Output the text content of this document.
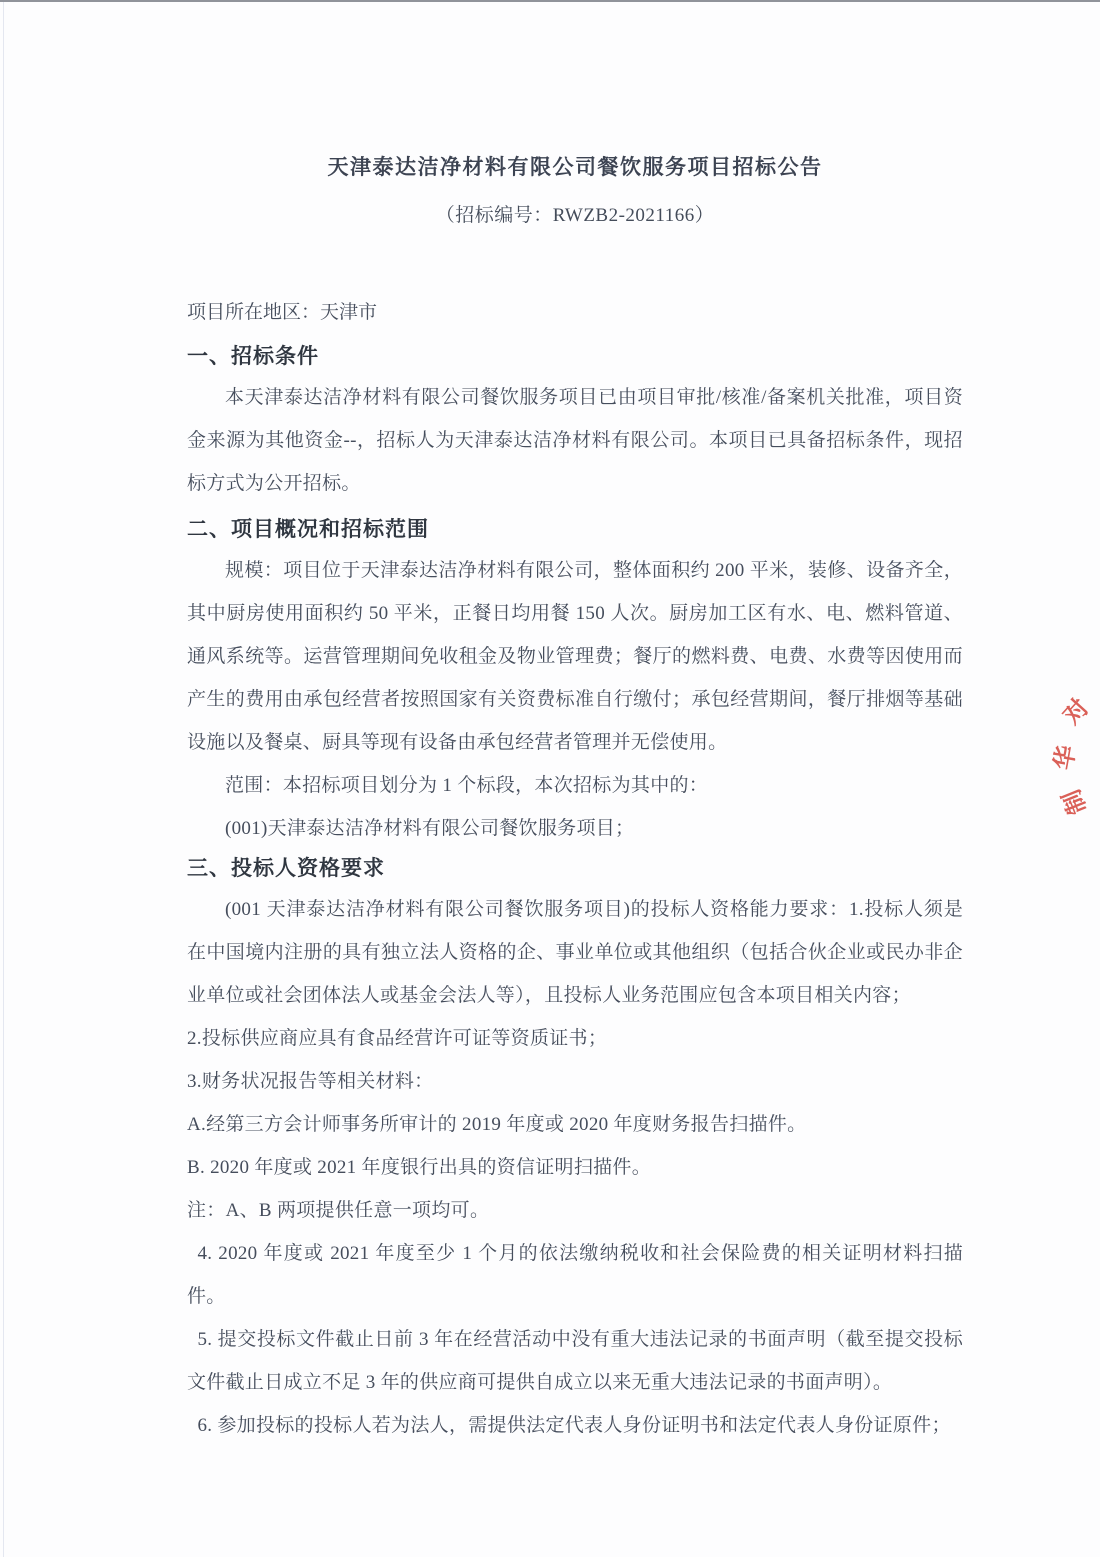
天津泰达洁净材料有限公司餐饮服务项目招标公告
（招标编号：RWZB2-2021166）
项目所在地区：天津市
一、招标条件

本天津泰达洁净材料有限公司餐饮服务项目已由项目审批/核准/备案机关批准，项目资金来源为其他资金--，招标人为天津泰达洁净材料有限公司。本项目已具备招标条件，现招标方式为公开招标。

二、项目概况和招标范围

规模：项目位于天津泰达洁净材料有限公司，整体面积约 200 平米，装修、设备齐全，其中厨房使用面积约 50 平米，正餐日均用餐 150 人次。厨房加工区有水、电、燃料管道、通风系统等。运营管理期间免收租金及物业管理费；餐厅的燃料费、电费、水费等因使用而产生的费用由承包经营者按照国家有关资费标准自行缴付；承包经营期间，餐厅排烟等基础设施以及餐桌、厨具等现有设备由承包经营者管理并无偿使用。

范围：本招标项目划分为 1 个标段，本次招标为其中的：

(001)天津泰达洁净材料有限公司餐饮服务项目；

三、投标人资格要求

(001 天津泰达洁净材料有限公司餐饮服务项目)的投标人资格能力要求：1.投标人须是在中国境内注册的具有独立法人资格的企、事业单位或其他组织（包括合伙企业或民办非企业单位或社会团体法人或基金会法人等），且投标人业务范围应包含本项目相关内容；

2.投标供应商应具有食品经营许可证等资质证书；

3.财务状况报告等相关材料：

A.经第三方会计师事务所审计的 2019 年度或 2020 年度财务报告扫描件。

B. 2020 年度或 2021 年度银行出具的资信证明扫描件。

注：A、B 两项提供任意一项均可。

4. 2020 年度或 2021 年度至少 1 个月的依法缴纳税收和社会保险费的相关证明材料扫描件。

5. 提交投标文件截止日前 3 年在经营活动中没有重大违法记录的书面声明（截至提交投标文件截止日成立不足 3 年的供应商可提供自成立以来无重大违法记录的书面声明）。

6. 参加投标的投标人若为法人，需提供法定代表人身份证明书和法定代表人身份证原件；

对
华
制
